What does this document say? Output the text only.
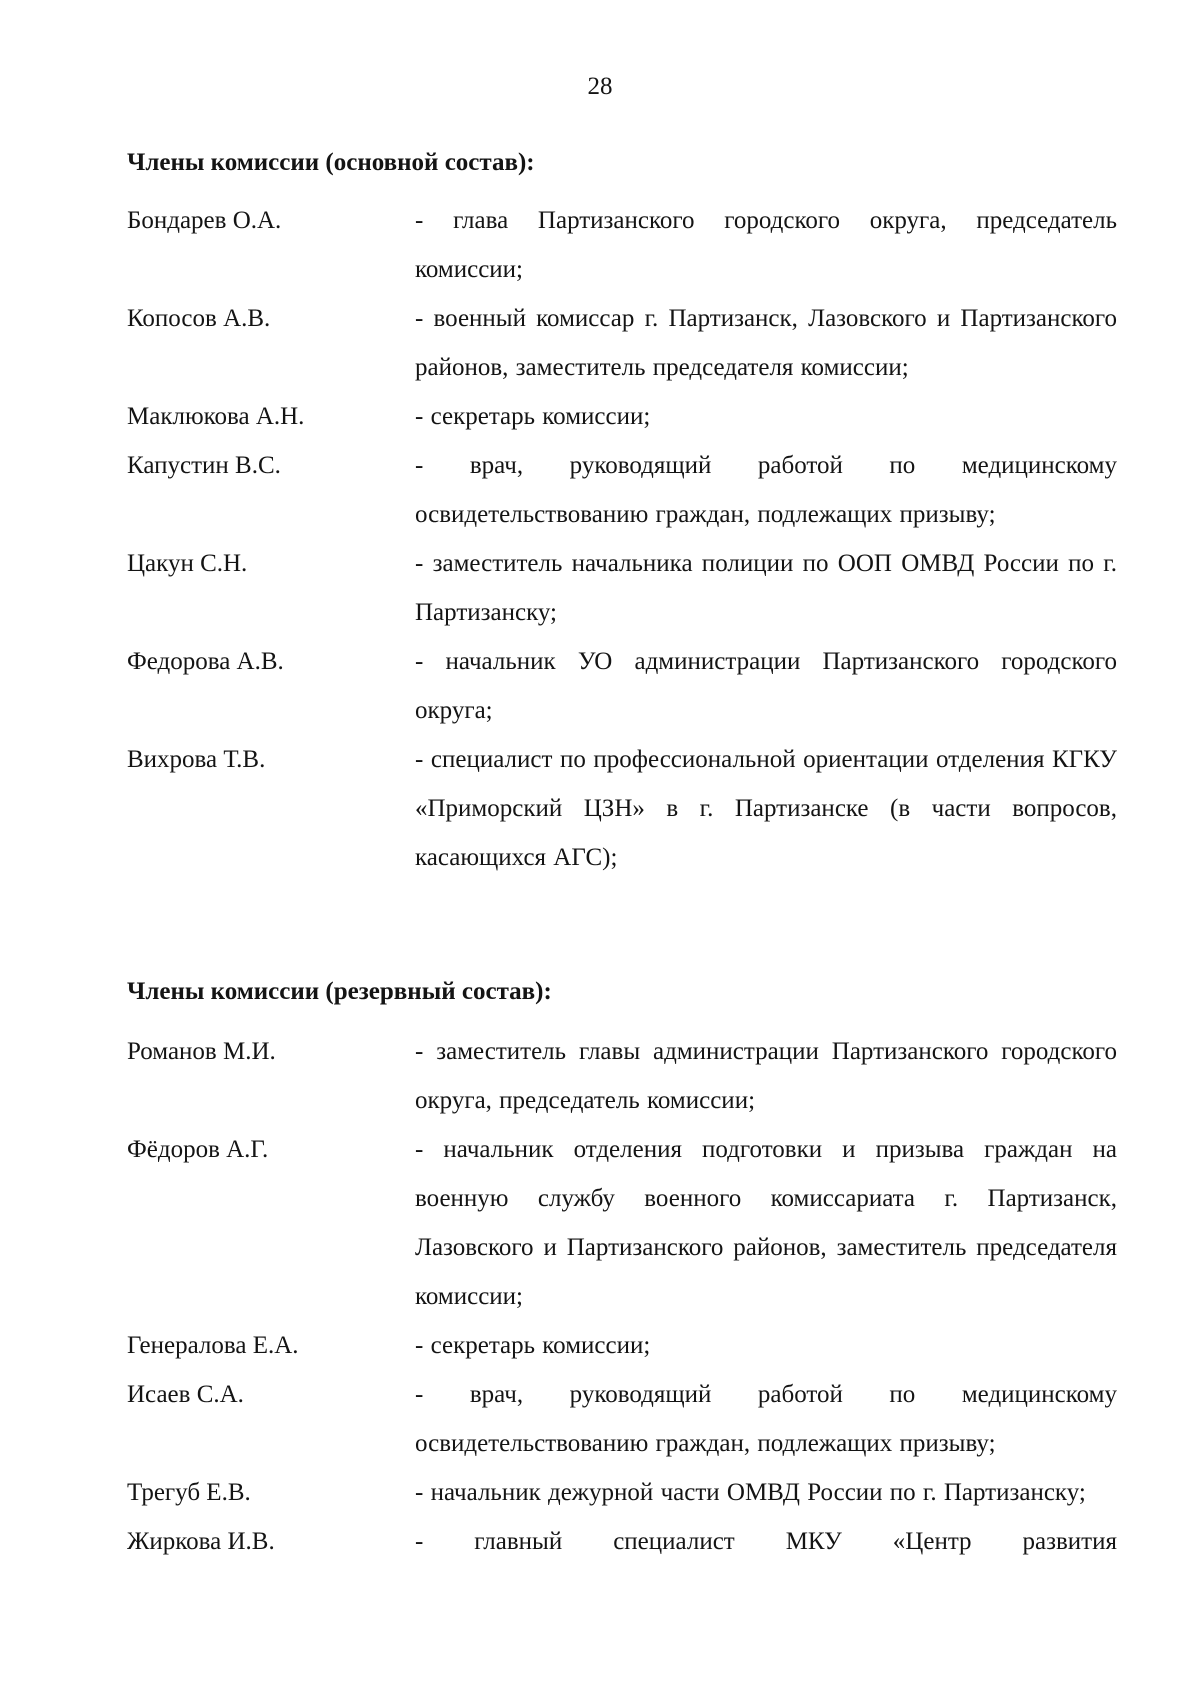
28
Члены комиссии (основной состав):
Бондарев О.А.	- глава Партизанского городского округа, председатель комиссии;
Копосов А.В.	- военный комиссар г. Партизанск, Лазовского и Партизанского районов, заместитель председателя комиссии;
Маклюкова А.Н.	- секретарь комиссии;
Капустин В.С.	- врач, руководящий работой по медицинскому освидетельствованию граждан, подлежащих призыву;
Цакун С.Н.	- заместитель начальника полиции по ООП ОМВД России по г. Партизанску;
Федорова А.В.	- начальник УО администрации Партизанского городского округа;
Вихрова Т.В.	- специалист по профессиональной ориентации отделения КГКУ «Приморский ЦЗН» в г. Партизанске (в части вопросов, касающихся АГС);
Члены комиссии (резервный состав):
Романов М.И.	- заместитель главы администрации Партизанского городского округа, председатель комиссии;
Фёдоров А.Г.	- начальник отделения подготовки и призыва граждан на военную службу военного комиссариата г. Партизанск, Лазовского и Партизанского районов, заместитель председателя комиссии;
Генералова Е.А.	- секретарь комиссии;
Исаев С.А.	- врач, руководящий работой по медицинскому освидетельствованию граждан, подлежащих призыву;
Трегуб Е.В.	- начальник дежурной части ОМВД России по г. Партизанску;
Жиркова И.В.	- главный специалист МКУ «Центр развития
